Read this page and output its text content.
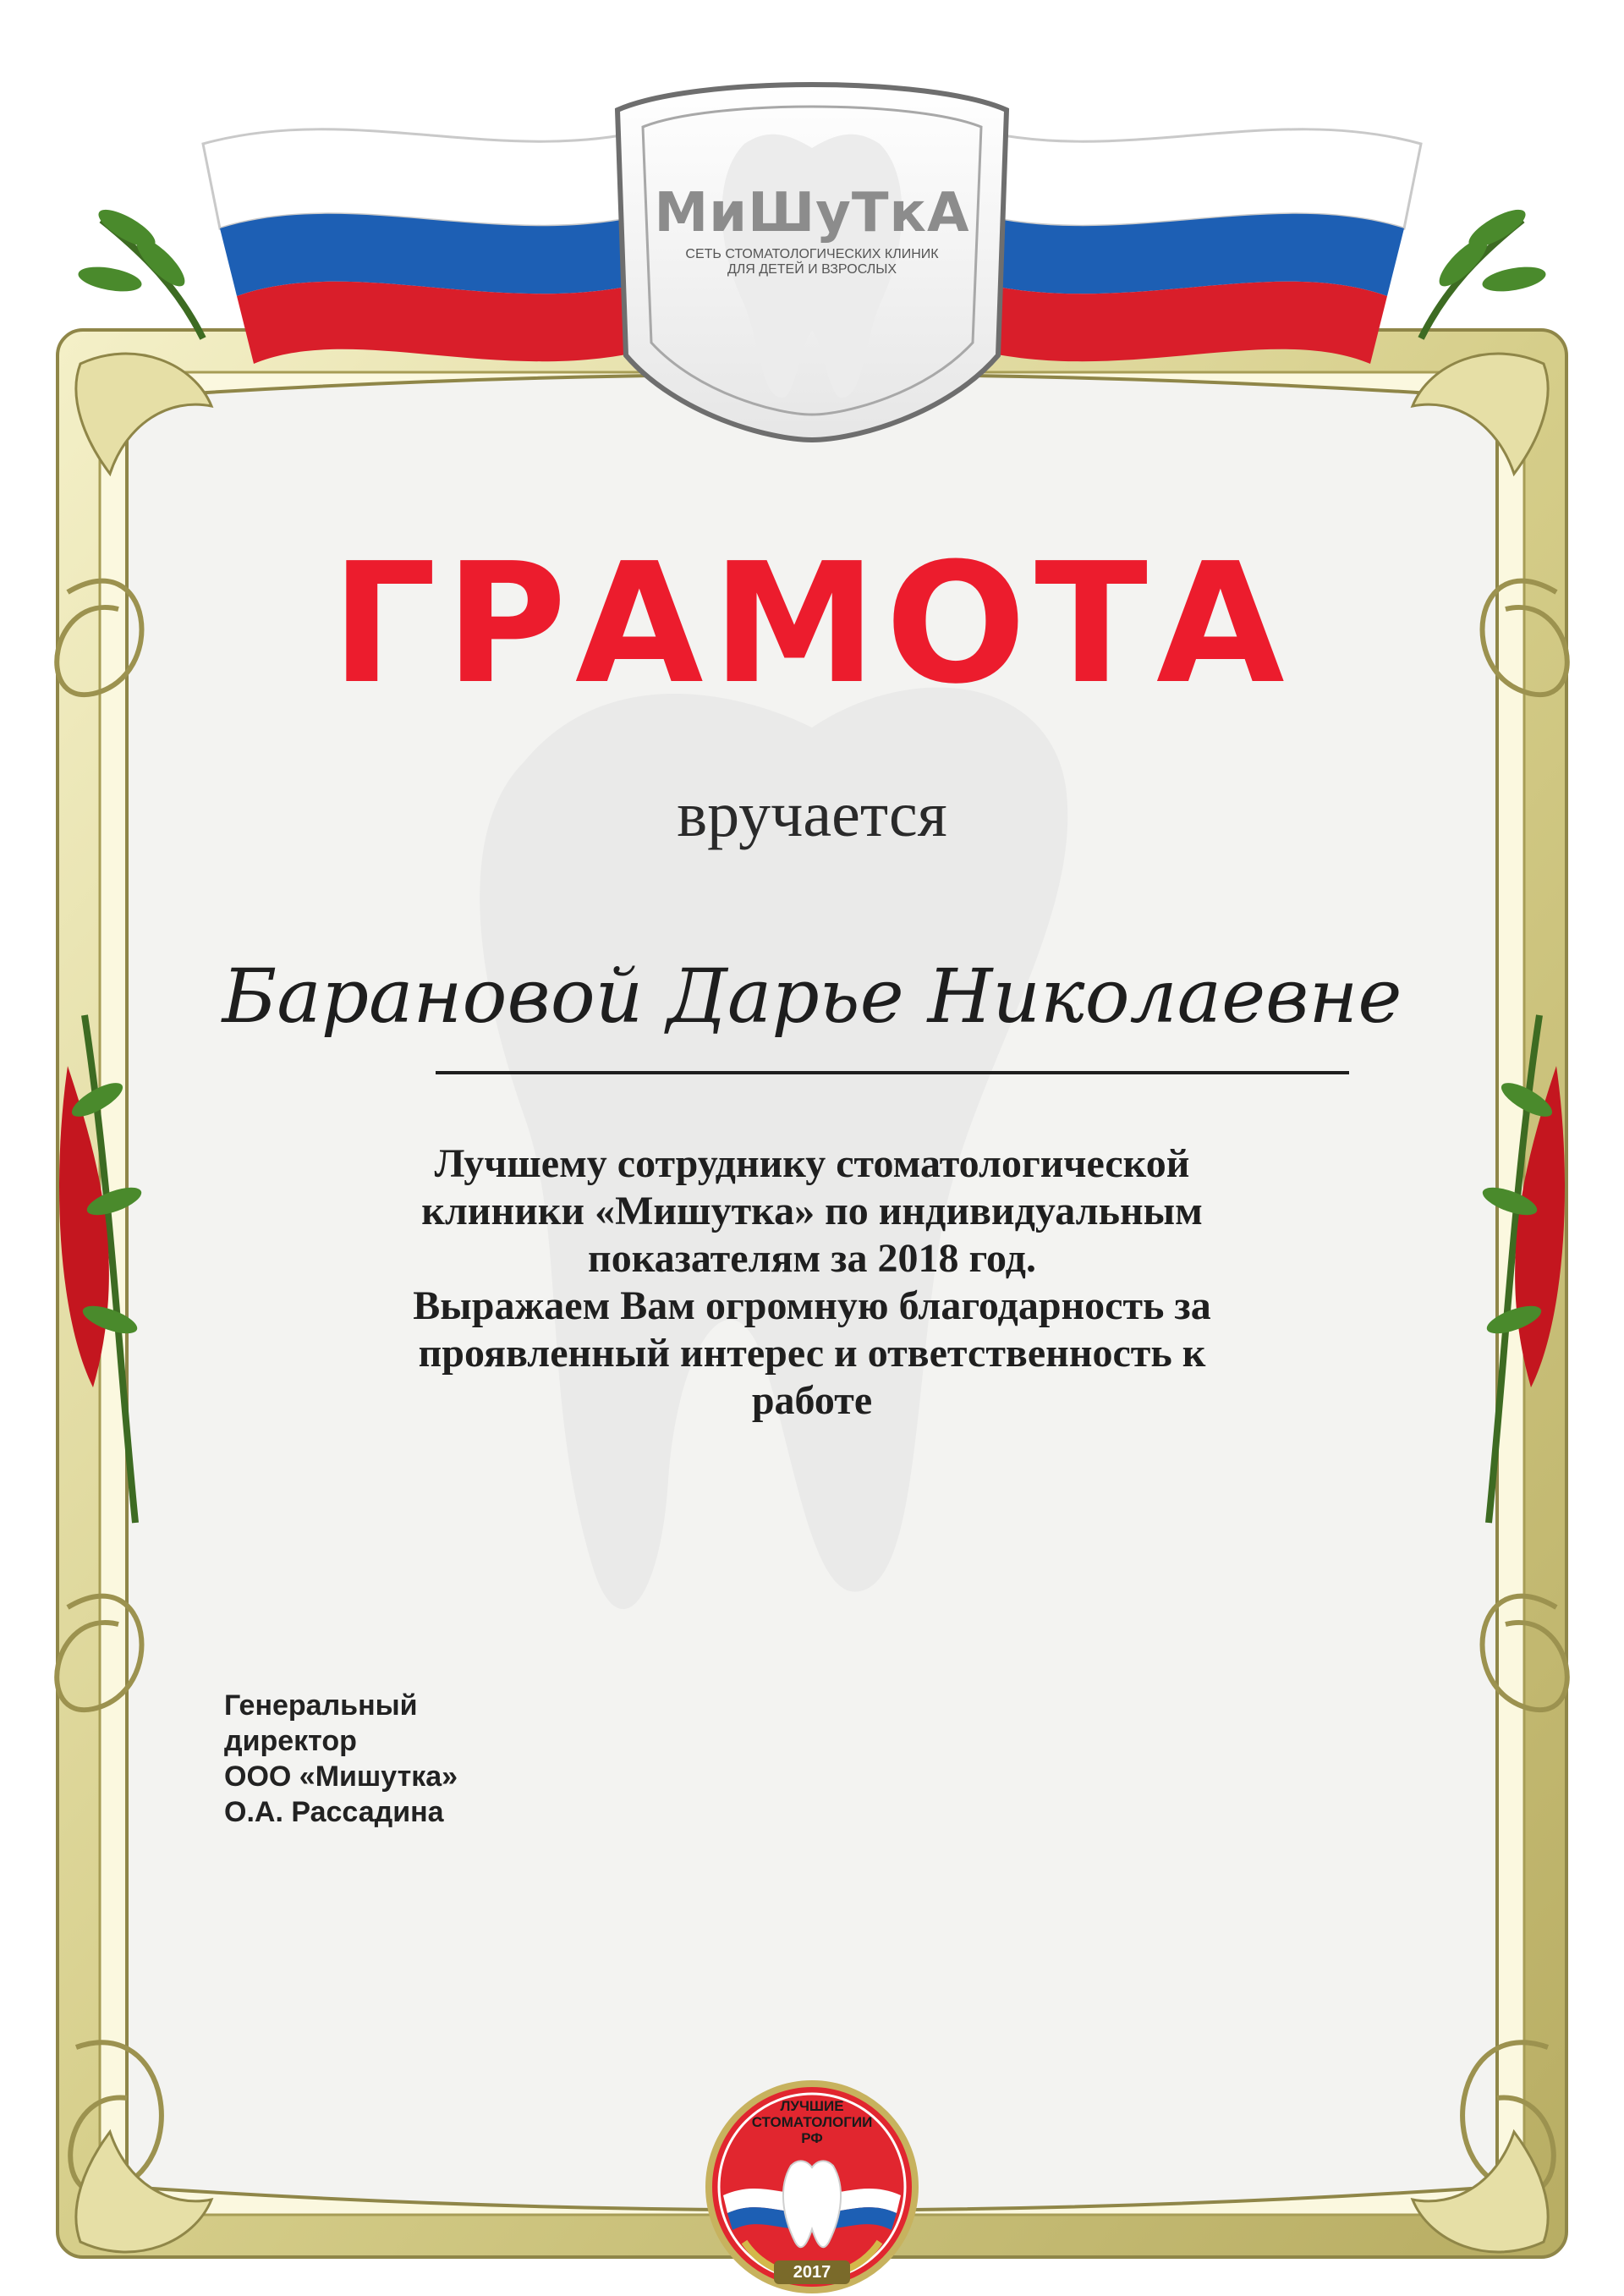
МиШуТкА
СЕТЬ СТОМАТОЛОГИЧЕСКИХ КЛИНИК
ДЛЯ ДЕТЕЙ И ВЗРОСЛЫХ
ГРАМОТА
вручается
Барановой Дарье Николаевне
Лучшему сотруднику стоматологической
клиники «Мишутка» по индивидуальным
показателям за 2018 год.
Выражаем Вам огромную благодарность за
проявленный интерес и ответственность к
работе
Генеральный
директор
ООО «Мишутка»
О.А. Рассадина
ЛУЧШИЕ
СТОМАТОЛОГИИ
РФ
2017
